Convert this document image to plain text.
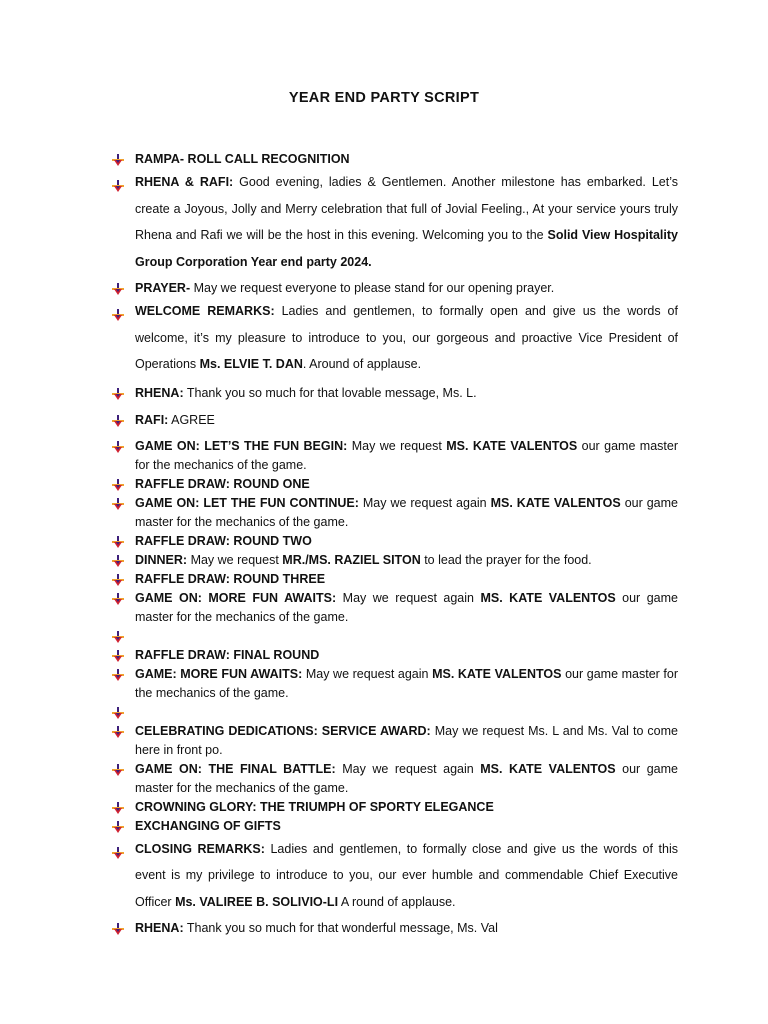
YEAR END PARTY SCRIPT
RAMPA- ROLL CALL RECOGNITION
RHENA & RAFI: Good evening, ladies & Gentlemen. Another milestone has embarked. Let’s create a Joyous, Jolly and Merry celebration that full of Jovial Feeling., At your service yours truly Rhena and Rafi we will be the host in this evening. Welcoming you to the Solid View Hospitality Group Corporation Year end party 2024.
PRAYER- May we request everyone to please stand for our opening prayer.
WELCOME REMARKS: Ladies and gentlemen, to formally open and give us the words of welcome, it’s my pleasure to introduce to you, our gorgeous and proactive Vice President of Operations Ms. ELVIE T. DAN. Around of applause.
RHENA: Thank you so much for that lovable message, Ms. L.
RAFI: AGREE
GAME ON: LET’S THE FUN BEGIN: May we request MS. KATE VALENTOS our game master for the mechanics of the game.
RAFFLE DRAW: ROUND ONE
GAME ON: LET THE FUN CONTINUE: May we request again MS. KATE VALENTOS our game master for the mechanics of the game.
RAFFLE DRAW: ROUND TWO
DINNER: May we request MR./MS. RAZIEL SITON to lead the prayer for the food.
RAFFLE DRAW: ROUND THREE
GAME ON: MORE FUN AWAITS: May we request again MS. KATE VALENTOS our game master for the mechanics of the game.

RAFFLE DRAW: FINAL ROUND
GAME: MORE FUN AWAITS: May we request again MS. KATE VALENTOS our game master for the mechanics of the game.

CELEBRATING DEDICATIONS: SERVICE AWARD: May we request Ms. L and Ms. Val to come here in front po.
GAME ON: THE FINAL BATTLE: May we request again MS. KATE VALENTOS our game master for the mechanics of the game.
CROWNING GLORY: THE TRIUMPH OF SPORTY ELEGANCE
EXCHANGING OF GIFTS
CLOSING REMARKS: Ladies and gentlemen, to formally close and give us the words of this event is my privilege to introduce to you, our ever humble and commendable Chief Executive Officer Ms. VALIREE B. SOLIVIO-LI A round of applause.
RHENA: Thank you so much for that wonderful message, Ms. Val
